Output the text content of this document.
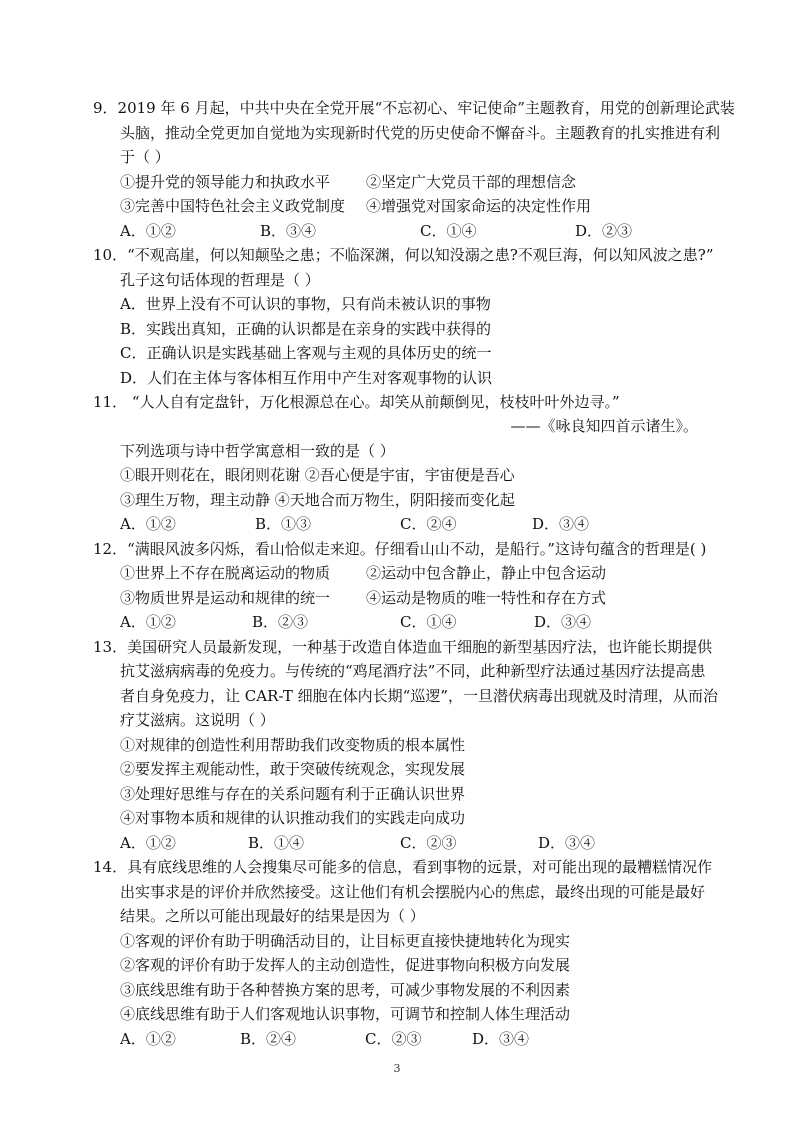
9．2019 年 6 月起，中共中央在全党开展“不忘初心、牢记使命”主题教育，用党的创新理论武装
头脑，推动全党更加自觉地为实现新时代党的历史使命不懈奋斗。主题教育的扎实推进有利
于（ ）
①提升党的领导能力和执政水平 ②坚定广大党员干部的理想信念
③完善中国特色社会主义政党制度 ④增强党对国家命运的决定性作用
A．①②	B．③④	C．①④	D．②③
10．“不观高崖，何以知颠坠之患；不临深渊，何以知没溺之患?不观巨海，何以知风波之患?”
孔子这句话体现的哲理是（ ）
A．世界上没有不可认识的事物，只有尚未被认识的事物
B．实践出真知，正确的认识都是在亲身的实践中获得的
C．正确认识是实践基础上客观与主观的具体历史的统一
D．人们在主体与客体相互作用中产生对客观事物的认识
11． “人人自有定盘针，万化根源总在心。却笑从前颠倒见，枝枝叶叶外边寻。”
——《咏良知四首示诸生》。
下列选项与诗中哲学寓意相一致的是（ ）
①眼开则花在，眼闭则花谢 ②吾心便是宇宙，宇宙便是吾心
③理生万物，理主动静 ④天地合而万物生，阴阳接而变化起
A．①②	B．①③	C．②④	D．③④
12．“满眼风波多闪烁，看山恰似走来迎。仔细看山山不动，是船行。”这诗句蕴含的哲理是( )
①世界上不存在脱离运动的物质 ②运动中包含静止，静止中包含运动
③物质世界是运动和规律的统一 ④运动是物质的唯一特性和存在方式
A．①②	B．②③	C．①④	D．③④
13．美国研究人员最新发现，一种基于改造自体造血干细胞的新型基因疗法，也许能长期提供
抗艾滋病病毒的免疫力。与传统的“鸡尾酒疗法”不同，此种新型疗法通过基因疗法提高患
者自身免疫力，让 CAR-T 细胞在体内长期“巡逻”，一旦潜伏病毒出现就及时清理，从而治
疗艾滋病。这说明（ ）
①对规律的创造性利用帮助我们改变物质的根本属性
②要发挥主观能动性，敢于突破传统观念，实现发展
③处理好思维与存在的关系问题有利于正确认识世界
④对事物本质和规律的认识推动我们的实践走向成功
A．①②	B．①④	C．②③	D．③④
14．具有底线思维的人会搜集尽可能多的信息，看到事物的远景，对可能出现的最糟糕情况作
出实事求是的评价并欣然接受。这让他们有机会摆脱内心的焦虑，最终出现的可能是最好
结果。之所以可能出现最好的结果是因为（ ）
①客观的评价有助于明确活动目的，让目标更直接快捷地转化为现实
②客观的评价有助于发挥人的主动创造性，促进事物向积极方向发展
③底线思维有助于各种替换方案的思考，可减少事物发展的不利因素
④底线思维有助于人们客观地认识事物，可调节和控制人体生理活动
A．①②	B．②④	C．②③	D．③④
3
